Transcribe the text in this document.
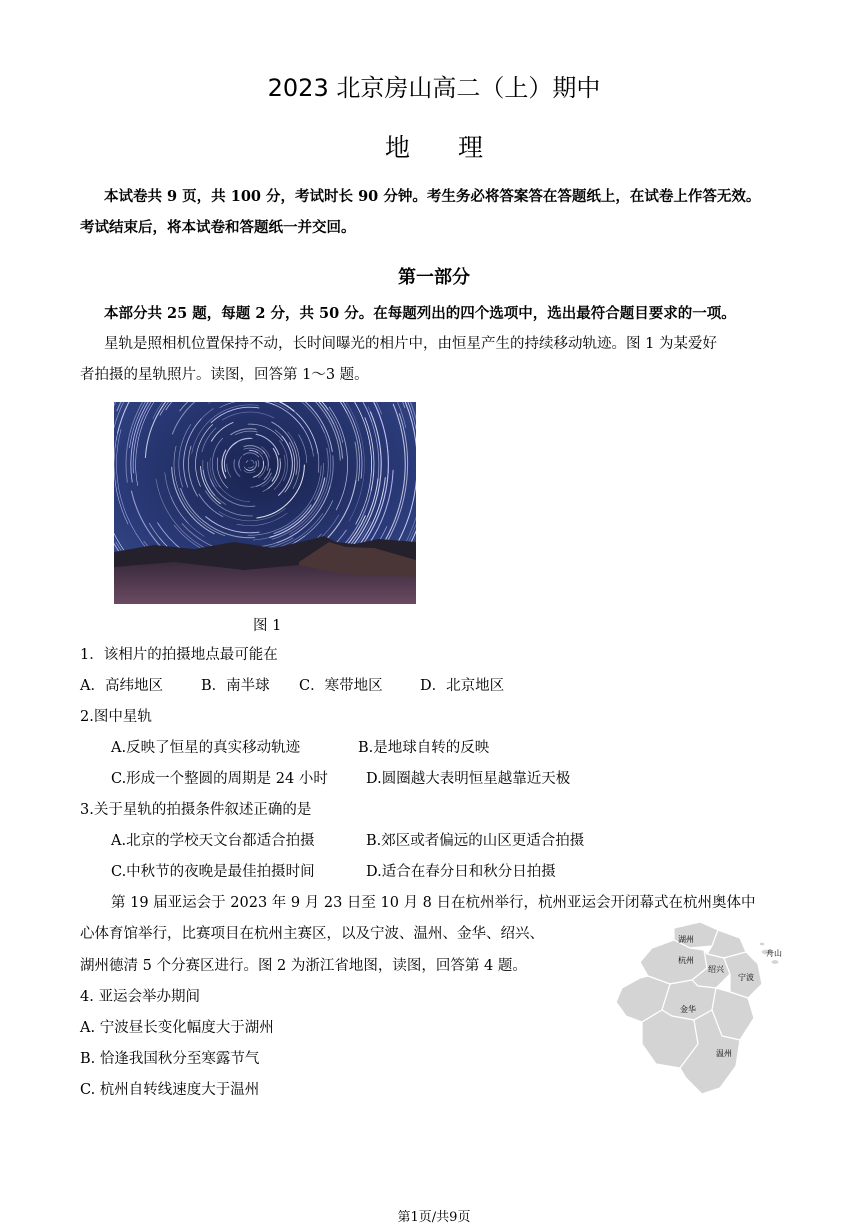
2023 北京房山高二（上）期中
地理
本试卷共 9 页，共 100 分，考试时长 90 分钟。考生务必将答案答在答题纸上，在试卷上作答无效。
考试结束后，将本试卷和答题纸一并交回。
第一部分
本部分共 25 题，每题 2 分，共 50 分。在每题列出的四个选项中，选出最符合题目要求的一项。
星轨是照相机位置保持不动，长时间曝光的相片中，由恒星产生的持续移动轨迹。图 1 为某爱好
者拍摄的星轨照片。读图，回答第 1～3 题。
图 1
1．该相片的拍摄地点最可能在
A．高纬地区	B．南半球 C．寒带地区	D．北京地区
2.图中星轨
A.反映了恒星的真实移动轨迹	B.是地球自转的反映
C.形成一个整圆的周期是 24 小时	D.圆圈越大表明恒星越靠近天极
3.关于星轨的拍摄条件叙述正确的是
A.北京的学校天文台都适合拍摄	B.郊区或者偏远的山区更适合拍摄
C.中秋节的夜晚是最佳拍摄时间	D.适合在春分日和秋分日拍摄
第 19 届亚运会于 2023 年 9 月 23 日至 10 月 8 日在杭州举行，杭州亚运会开闭幕式在杭州奥体中
心体育馆举行，比赛项目在杭州主赛区，以及宁波、温州、金华、绍兴、
湖州德清 5 个分赛区进行。图 2 为浙江省地图，读图，回答第 4 题。
4. 亚运会举办期间
A. 宁波昼长变化幅度大于湖州
B. 恰逢我国秋分至寒露节气
C. 杭州自转线速度大于温州
湖州
杭州
绍兴
宁波
舟山
金华
温州
第1页/共9页
